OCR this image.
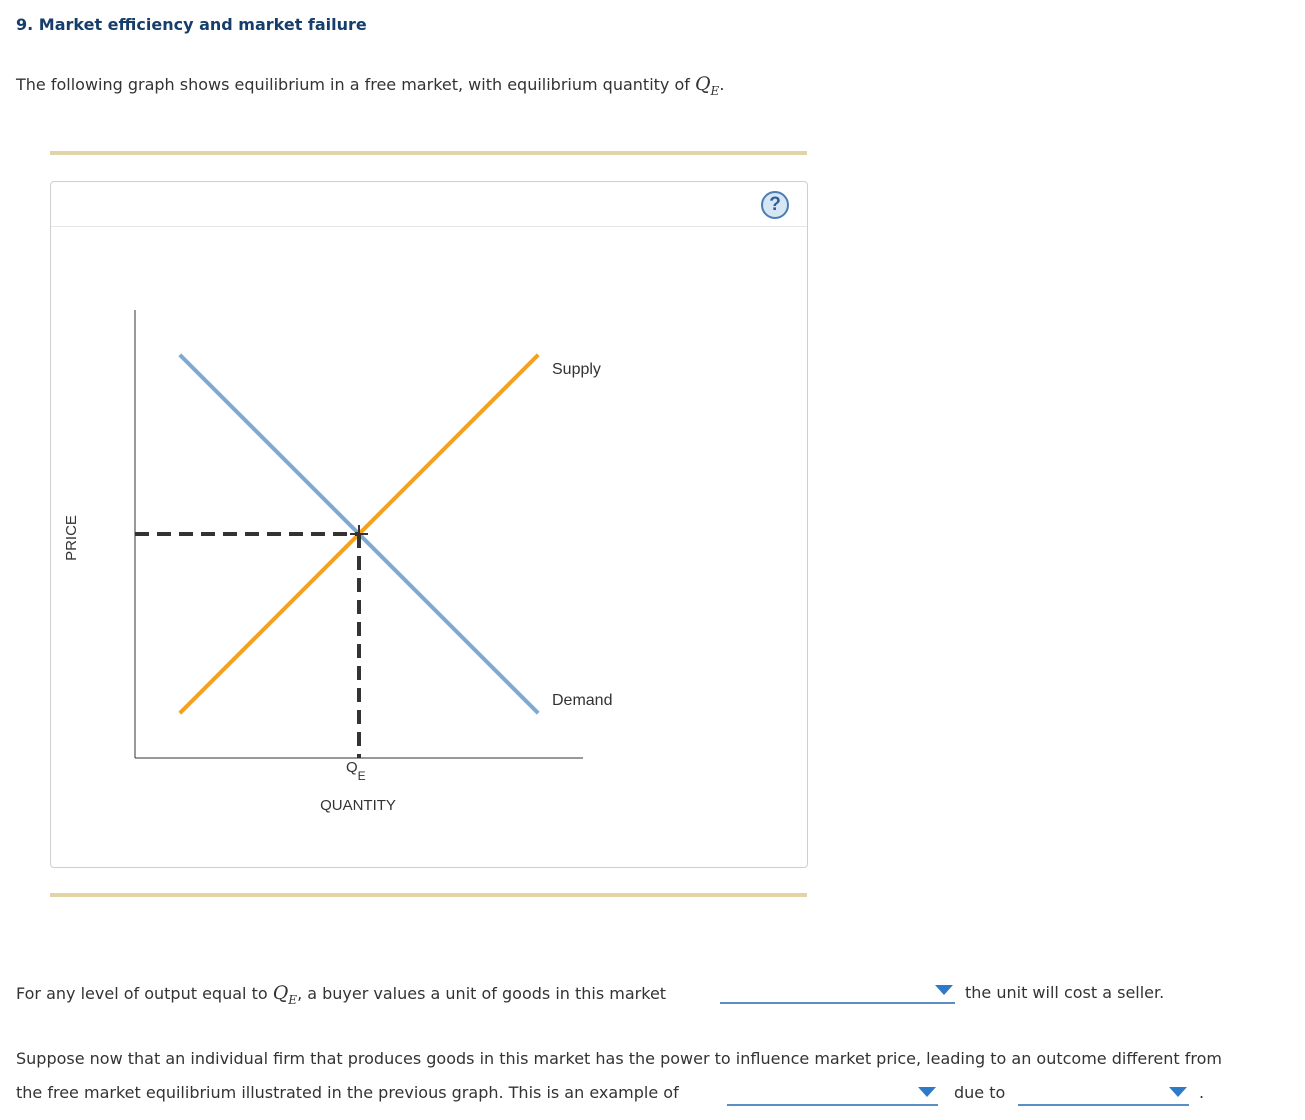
9. Market efficiency and market failure
The following graph shows equilibrium in a free market, with equilibrium quantity of $Q_E$.
?
Supply
Demand
PRICE
QUANTITY
$Q_E$
For any level of output equal to $Q_E$, a buyer values a unit of goods in this market	the unit will cost a seller.
Suppose now that an individual firm that produces goods in this market has the power to influence market price, leading to an outcome different from
the free market equilibrium illustrated in the previous graph. This is an example of	due to	.
